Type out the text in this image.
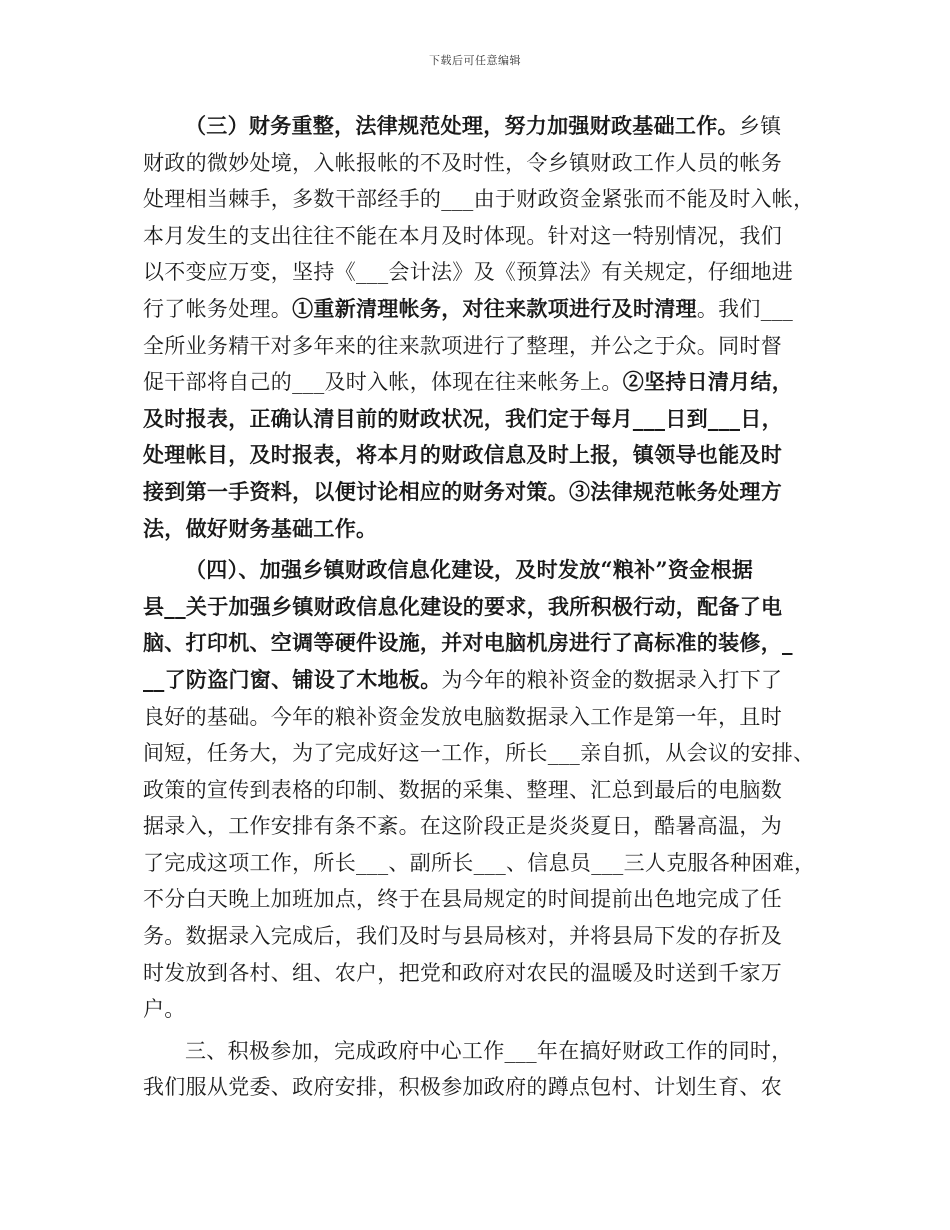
下载后可任意编辑
（三）财务重整，法律规范处理，努力加强财政基础工作。乡镇
财政的微妙处境，入帐报帐的不及时性，令乡镇财政工作人员的帐务
处理相当棘手，多数干部经手的___由于财政资金紧张而不能及时入帐，
本月发生的支出往往不能在本月及时体现。针对这一特别情况，我们
以不变应万变，坚持《___会计法》及《预算法》有关规定，仔细地进
行了帐务处理。①重新清理帐务，对往来款项进行及时清理。我们___
全所业务精干对多年来的往来款项进行了整理，并公之于众。同时督
促干部将自己的___及时入帐，体现在往来帐务上。②坚持日清月结，
及时报表，正确认清目前的财政状况，我们定于每月___日到___日，
处理帐目，及时报表，将本月的财政信息及时上报，镇领导也能及时
接到第一手资料，以便讨论相应的财务对策。③法律规范帐务处理方
法，做好财务基础工作。
（四）、加强乡镇财政信息化建设，及时发放“粮补”资金根据
县__关于加强乡镇财政信息化建设的要求，我所积极行动，配备了电
脑、打印机、空调等硬件设施，并对电脑机房进行了高标准的装修，_
__了防盗门窗、铺设了木地板。为今年的粮补资金的数据录入打下了
良好的基础。今年的粮补资金发放电脑数据录入工作是第一年，且时
间短，任务大，为了完成好这一工作，所长___亲自抓，从会议的安排、
政策的宣传到表格的印制、数据的采集、整理、汇总到最后的电脑数
据录入，工作安排有条不紊。在这阶段正是炎炎夏日，酷暑高温，为
了完成这项工作，所长___、副所长___、信息员___三人克服各种困难，
不分白天晚上加班加点，终于在县局规定的时间提前出色地完成了任
务。数据录入完成后，我们及时与县局核对，并将县局下发的存折及
时发放到各村、组、农户，把党和政府对农民的温暖及时送到千家万
户。
三、积极参加，完成政府中心工作___年在搞好财政工作的同时，
我们服从党委、政府安排，积极参加政府的蹲点包村、计划生育、农
